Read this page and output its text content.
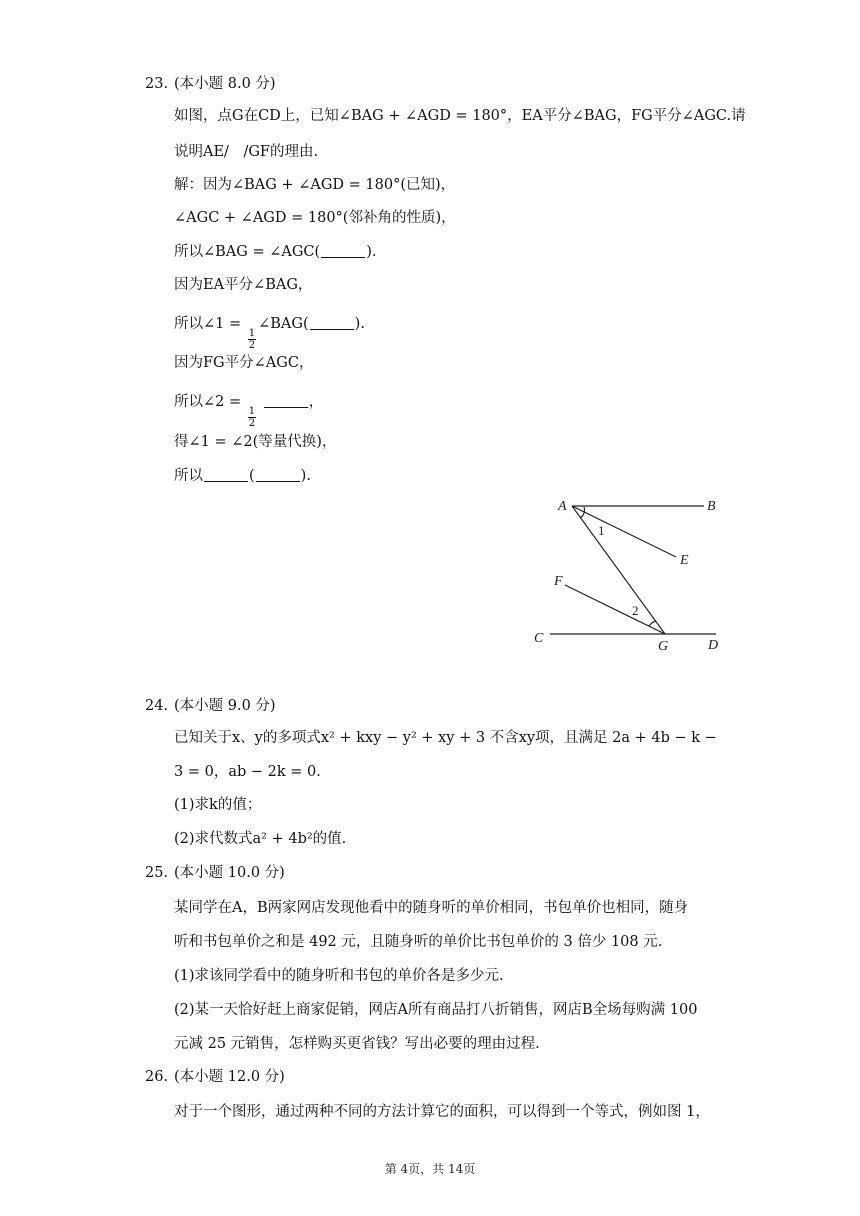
23. (本小题 8.0 分)
如图，点G在CD上，已知∠BAG + ∠AGD = 180°，EA平分∠BAG，FG平分∠AGC.请
说明AE/　/GF的理由.
解：因为∠BAG + ∠AGD = 180°(已知)，
∠AGC + ∠AGD = 180°(邻补角的性质)，
所以∠BAG = ∠AGC(	).
因为EA平分∠BAG，
所以∠1 =
$\frac{1}{2}$
∠BAG(	).
因为FG平分∠AGC，
所以∠2 =
$\frac{1}{2}$
，
得∠1 = ∠2(等量代换)，
所以	(	).
A	B
C	D
E
F
G
1
2
24. (本小题 9.0 分)
已知关于x、y的多项式x² + kxy − y² + xy + 3 不含xy项，且满足 2a + 4b − k −
3 = 0，ab − 2k = 0.
(1)求k的值；
(2)求代数式a² + 4b²的值.
25. (本小题 10.0 分)
某同学在A，B两家网店发现他看中的随身听的单价相同，书包单价也相同，随身
听和书包单价之和是 492 元，且随身听的单价比书包单价的 3 倍少 108 元.
(1)求该同学看中的随身听和书包的单价各是多少元.
(2)某一天恰好赶上商家促销，网店A所有商品打八折销售，网店B全场每购满 100
元减 25 元销售，怎样购买更省钱？写出必要的理由过程.
26. (本小题 12.0 分)
对于一个图形，通过两种不同的方法计算它的面积，可以得到一个等式，例如图 1，
第 4页，共 14页
